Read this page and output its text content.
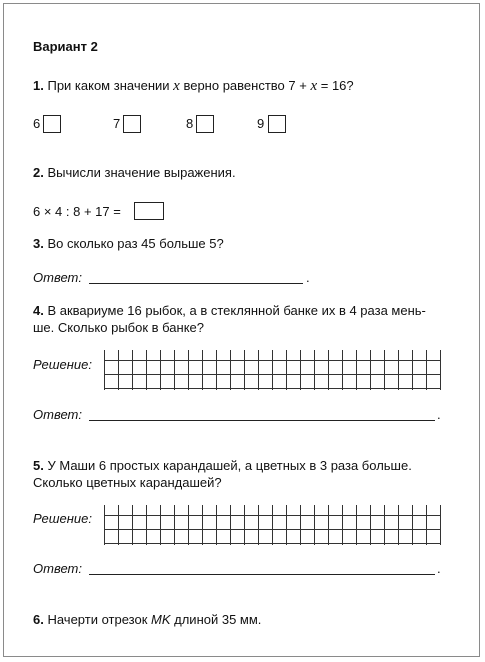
Вариант 2
1. При каком значении x верно равенство 7 + x = 16?
6	7	8	9
2. Вычисли значение выражения.
6 × 4 : 8 + 17 =
3. Во сколько раз 45 больше 5?
Ответ:	.
4. В аквариуме 16 рыбок, а в стеклянной банке их в 4 раза мень-
ше. Сколько рыбок в банке?
Решение:
Ответ:	.
5. У Маши 6 простых карандашей, а цветных в 3 раза больше.
Сколько цветных карандашей?
Решение:
Ответ:	.
6. Начерти отрезок MK длиной 35 мм.
